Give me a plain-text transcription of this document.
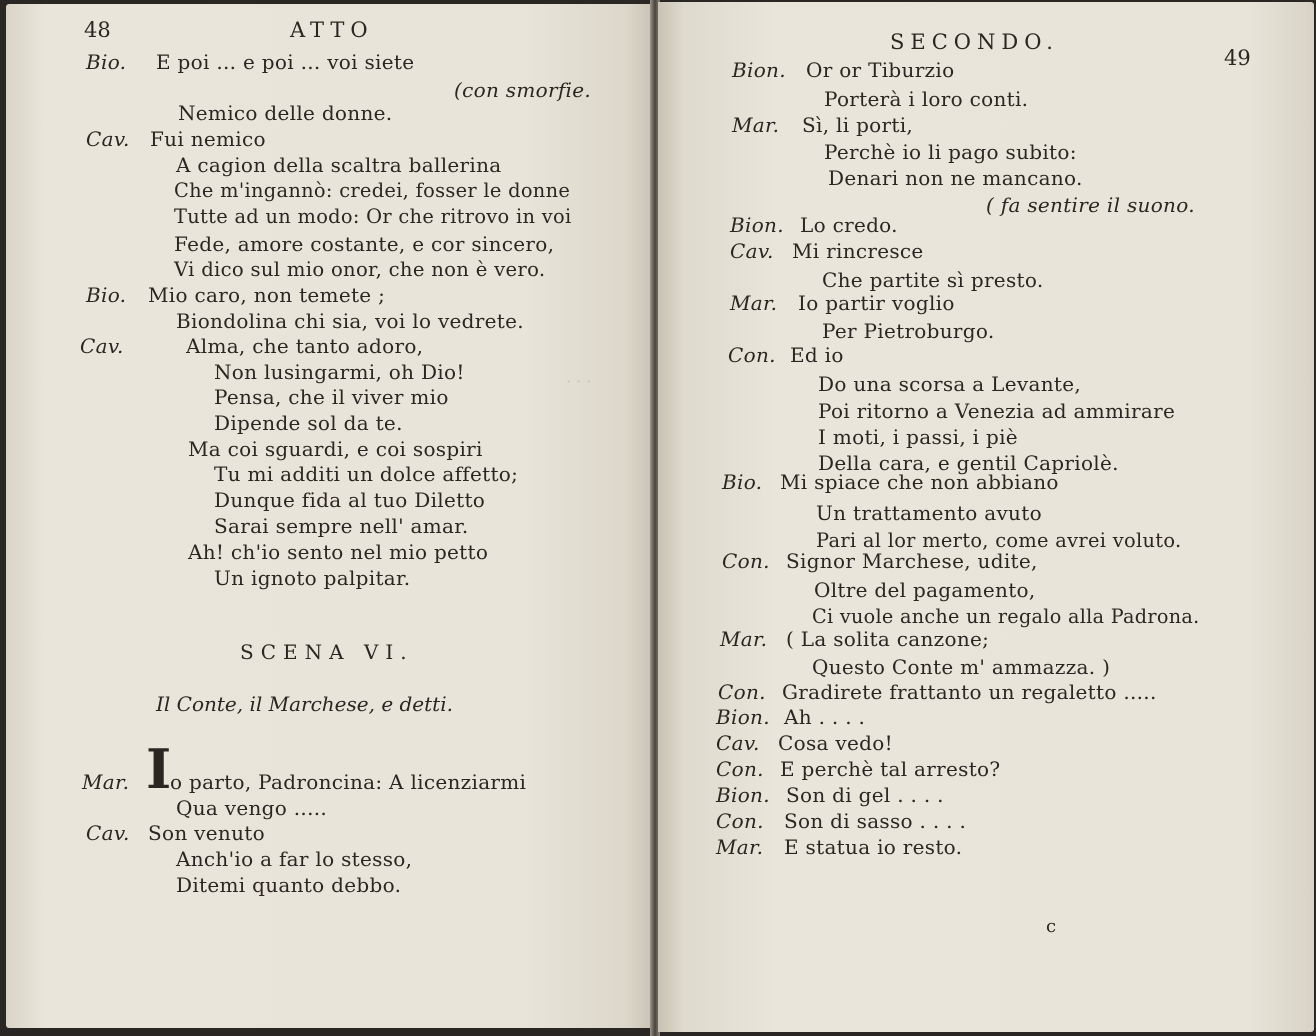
48	ATTO
· · ·
Bio. E poi ... e poi ... voi siete
(con smorfie.
Nemico delle donne.
Cav. Fui nemico
A cagion della scaltra ballerina
Che m'ingannò: credei, fosser le donne
Tutte ad un modo: Or che ritrovo in voi
Fede, amore costante, e cor sincero,
Vi dico sul mio onor, che non è vero.
Bio. Mio caro, non temete ;
Biondolina chi sia, voi lo vedrete.
Cav.	Alma, che tanto adoro,
Non lusingarmi, oh Dio!
Pensa, che il viver mio
Dipende sol da te.
Ma coi sguardi, e coi sospiri
Tu mi additi un dolce affetto;
Dunque fida al tuo Diletto
Sarai sempre nell' amar.
Ah! ch'io sento nel mio petto
Un ignoto palpitar.
SCENA VI.
Il Conte, il Marchese, e detti.
Mar. o parto, Padroncina: A licenziarmi
I
Qua vengo .....
Cav. Son venuto
Anch'io a far lo stesso,
Ditemi quanto debbo.
SECONDO.
49
Bion. Or or Tiburzio
Porterà i loro conti.
Mar. Sì, li porti,
Perchè io li pago subito:
Denari non ne mancano.
( fa sentire il suono.
Bion. Lo credo.
Cav. Mi rincresce
Che partite sì presto.
Mar. Io partir voglio
Per Pietroburgo.
Con. Ed io
Do una scorsa a Levante,
Poi ritorno a Venezia ad ammirare
I moti, i passi, i piè
Della cara, e gentil Capriolè.
Bio. Mi spiace che non abbiano
Un trattamento avuto
Pari al lor merto, come avrei voluto.
Con. Signor Marchese, udite,
Oltre del pagamento,
Ci vuole anche un regalo alla Padrona.
Mar. ( La solita canzone;
Questo Conte m' ammazza. )
Con. Gradirete frattanto un regaletto .....
Bion. Ah . . . .
Cav. Cosa vedo!
Con. E perchè tal arresto?
Bion. Son di gel . . . .
Con. Son di sasso . . . .
Mar. E statua io resto.
c
